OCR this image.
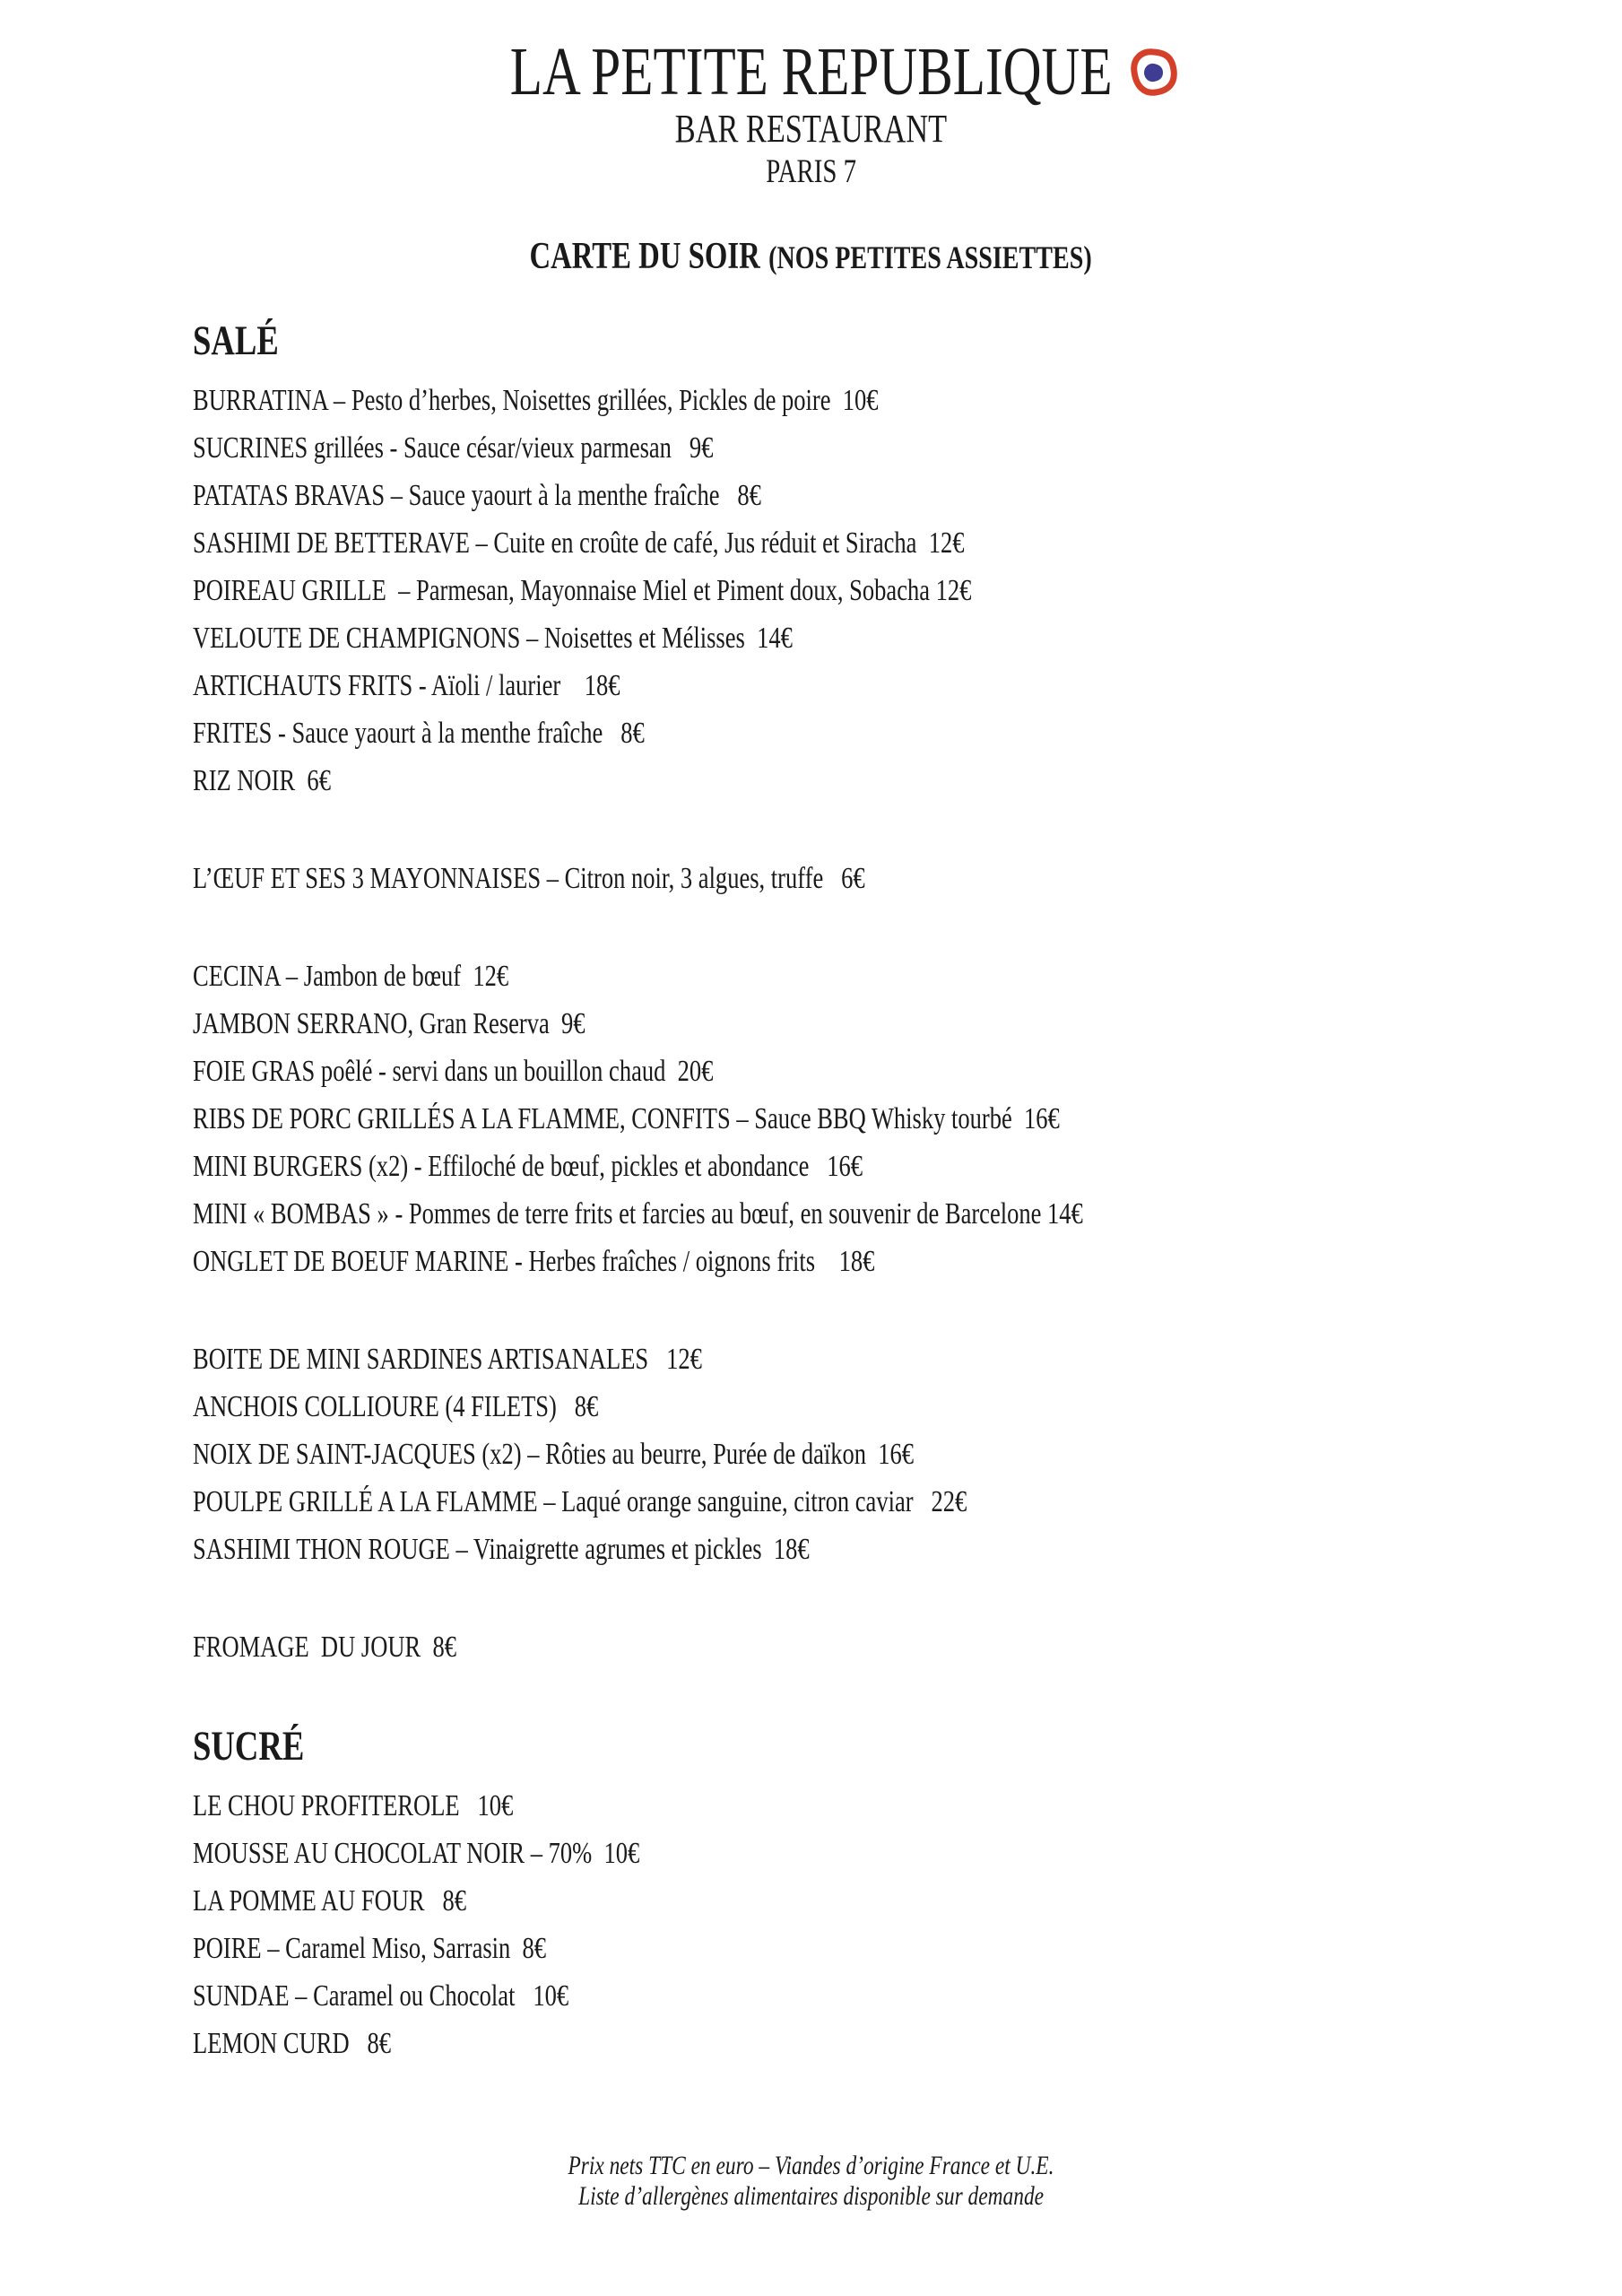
LA PETITE REPUBLIQUE
BAR RESTAURANT
PARIS 7
CARTE DU SOIR (NOS PETITES ASSIETTES)
SALÉ
BURRATINA – Pesto d’herbes, Noisettes grillées, Pickles de poire  10€
SUCRINES grillées - Sauce césar/vieux parmesan   9€
PATATAS BRAVAS – Sauce yaourt à la menthe fraîche   8€
SASHIMI DE BETTERAVE – Cuite en croûte de café, Jus réduit et Siracha  12€
POIREAU GRILLE  – Parmesan, Mayonnaise Miel et Piment doux, Sobacha 12€
VELOUTE DE CHAMPIGNONS – Noisettes et Mélisses  14€
ARTICHAUTS FRITS - Aïoli / laurier    18€
FRITES - Sauce yaourt à la menthe fraîche   8€
RIZ NOIR  6€
L’ŒUF ET SES 3 MAYONNAISES – Citron noir, 3 algues, truffe   6€
CECINA – Jambon de bœuf  12€
JAMBON SERRANO, Gran Reserva  9€
FOIE GRAS poêlé - servi dans un bouillon chaud  20€
RIBS DE PORC GRILLÉS A LA FLAMME, CONFITS – Sauce BBQ Whisky tourbé  16€
MINI BURGERS (x2) - Effiloché de bœuf, pickles et abondance   16€
MINI « BOMBAS » - Pommes de terre frits et farcies au bœuf, en souvenir de Barcelone 14€
ONGLET DE BOEUF MARINE - Herbes fraîches / oignons frits    18€
BOITE DE MINI SARDINES ARTISANALES   12€
ANCHOIS COLLIOURE (4 FILETS)   8€
NOIX DE SAINT-JACQUES (x2) – Rôties au beurre, Purée de daïkon  16€
POULPE GRILLÉ A LA FLAMME – Laqué orange sanguine, citron caviar   22€
SASHIMI THON ROUGE – Vinaigrette agrumes et pickles  18€
FROMAGE  DU JOUR  8€
SUCRÉ
LE CHOU PROFITEROLE   10€
MOUSSE AU CHOCOLAT NOIR – 70%  10€
LA POMME AU FOUR   8€
POIRE – Caramel Miso, Sarrasin  8€
SUNDAE – Caramel ou Chocolat   10€
LEMON CURD   8€
Prix nets TTC en euro – Viandes d’origine France et U.E.
Liste d’allergènes alimentaires disponible sur demande
